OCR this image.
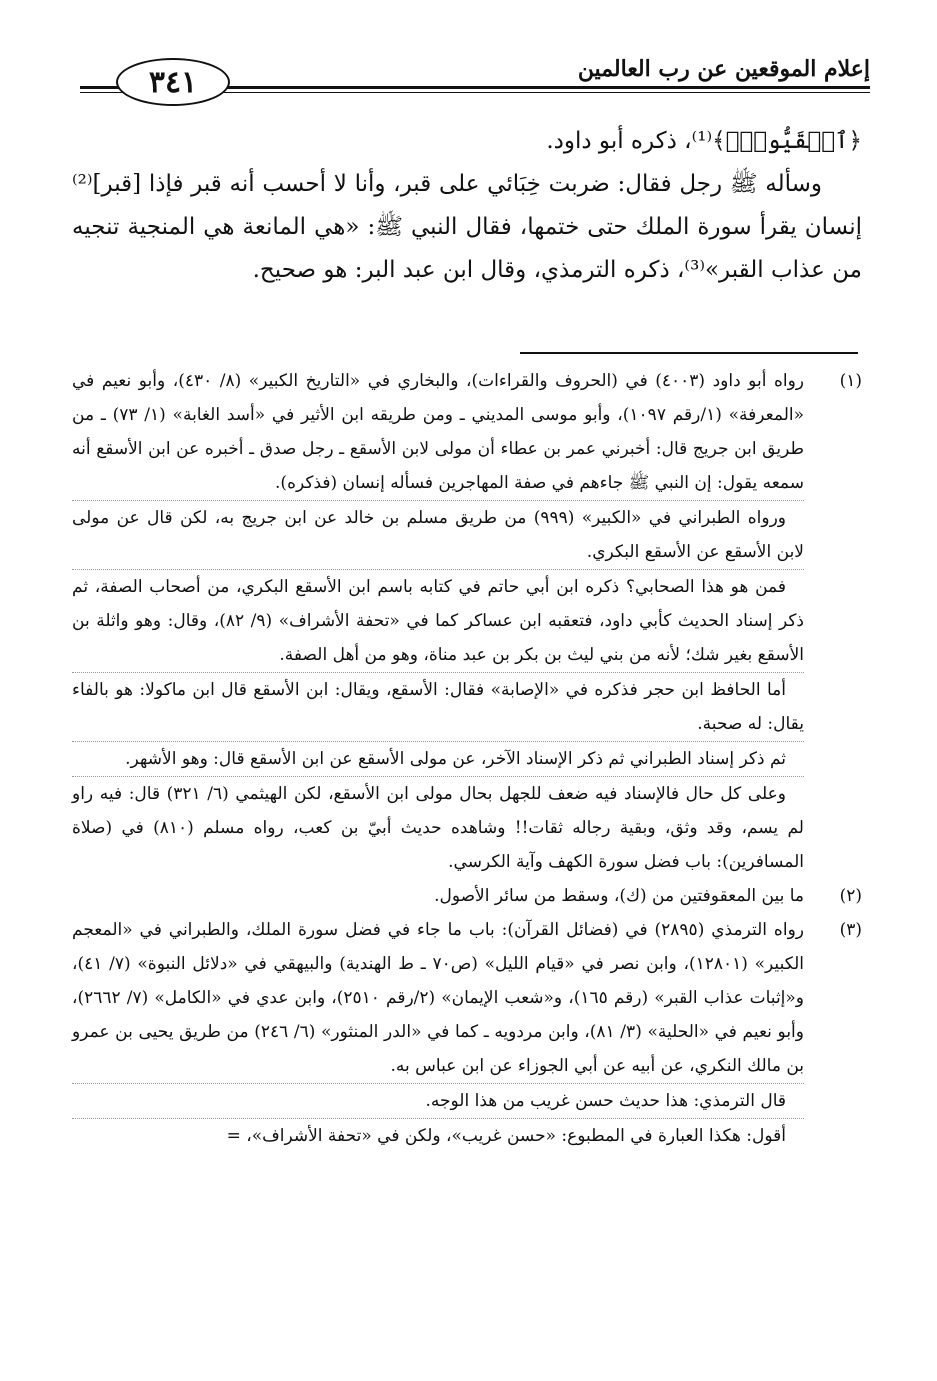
٣٤١	إعلام الموقعين عن رب العالمين

﴿ٱلۡقَيُّومُۚ﴾⁽¹⁾، ذكره أبو داود.

وسأله ﷺ رجل فقال: ضربت خِبَائي على قبر، وأنا لا أحسب أنه قبر فإذا [قبر]⁽²⁾ إنسان يقرأ سورة الملك حتى ختمها، فقال النبي ﷺ: «هي المانعة هي المنجية تنجيه من عذاب القبر»⁽³⁾، ذكره الترمذي، وقال ابن عبد البر: هو صحيح.

(١)

رواه أبو داود (٤٠٠٣) في (الحروف والقراءات)، والبخاري في «التاريخ الكبير» (٨/ ٤٣٠)، وأبو نعيم في «المعرفة» (١/رقم ١٠٩٧)، وأبو موسى المديني ـ ومن طريقه ابن الأثير في «أسد الغابة» (١/ ٧٣) ـ من طريق ابن جريج قال: أخبرني عمر بن عطاء أن مولى لابن الأسقع ـ رجل صدق ـ أخبره عن ابن الأسقع أنه سمعه يقول: إن النبي ﷺ جاءهم في صفة المهاجرين فسأله إنسان (فذكره).

ورواه الطبراني في «الكبير» (٩٩٩) من طريق مسلم بن خالد عن ابن جريج به، لكن قال عن مولى لابن الأسقع عن الأسقع البكري.

فمن هو هذا الصحابي؟ ذكره ابن أبي حاتم في كتابه باسم ابن الأسقع البكري، من أصحاب الصفة، ثم ذكر إسناد الحديث كأبي داود، فتعقبه ابن عساكر كما في «تحفة الأشراف» (٩/ ٨٢)، وقال: وهو واثلة بن الأسقع بغير شك؛ لأنه من بني ليث بن بكر بن عبد مناة، وهو من أهل الصفة.

أما الحافظ ابن حجر فذكره في «الإصابة» فقال: الأسقع، ويقال: ابن الأسقع قال ابن ماكولا: هو بالفاء يقال: له صحبة.

ثم ذكر إسناد الطبراني ثم ذكر الإسناد الآخر، عن مولى الأسقع عن ابن الأسقع قال: وهو الأشهر.

وعلى كل حال فالإسناد فيه ضعف للجهل بحال مولى ابن الأسقع، لكن الهيثمي (٦/ ٣٢١) قال: فيه راو لم يسم، وقد وثق، وبقية رجاله ثقات!! وشاهده حديث أبيّ بن كعب، رواه مسلم (٨١٠) في (صلاة المسافرين): باب فضل سورة الكهف وآية الكرسي.

(٢)

ما بين المعقوفتين من (ك)، وسقط من سائر الأصول.

(٣)

رواه الترمذي (٢٨٩٥) في (فضائل القرآن): باب ما جاء في فضل سورة الملك، والطبراني في «المعجم الكبير» (١٢٨٠١)، وابن نصر في «قيام الليل» (ص٧٠ ـ ط الهندية) والبيهقي في «دلائل النبوة» (٧/ ٤١)، و«إثبات عذاب القبر» (رقم ١٦٥)، و«شعب الإيمان» (٢/رقم ٢٥١٠)، وابن عدي في «الكامل» (٧/ ٢٦٦٢)، وأبو نعيم في «الحلية» (٣/ ٨١)، وابن مردويه ـ كما في «الدر المنثور» (٦/ ٢٤٦) من طريق يحيى بن عمرو بن مالك النكري، عن أبيه عن أبي الجوزاء عن ابن عباس به.

قال الترمذي: هذا حديث حسن غريب من هذا الوجه.

أقول: هكذا العبارة في المطبوع: «حسن غريب»، ولكن في «تحفة الأشراف»، =
